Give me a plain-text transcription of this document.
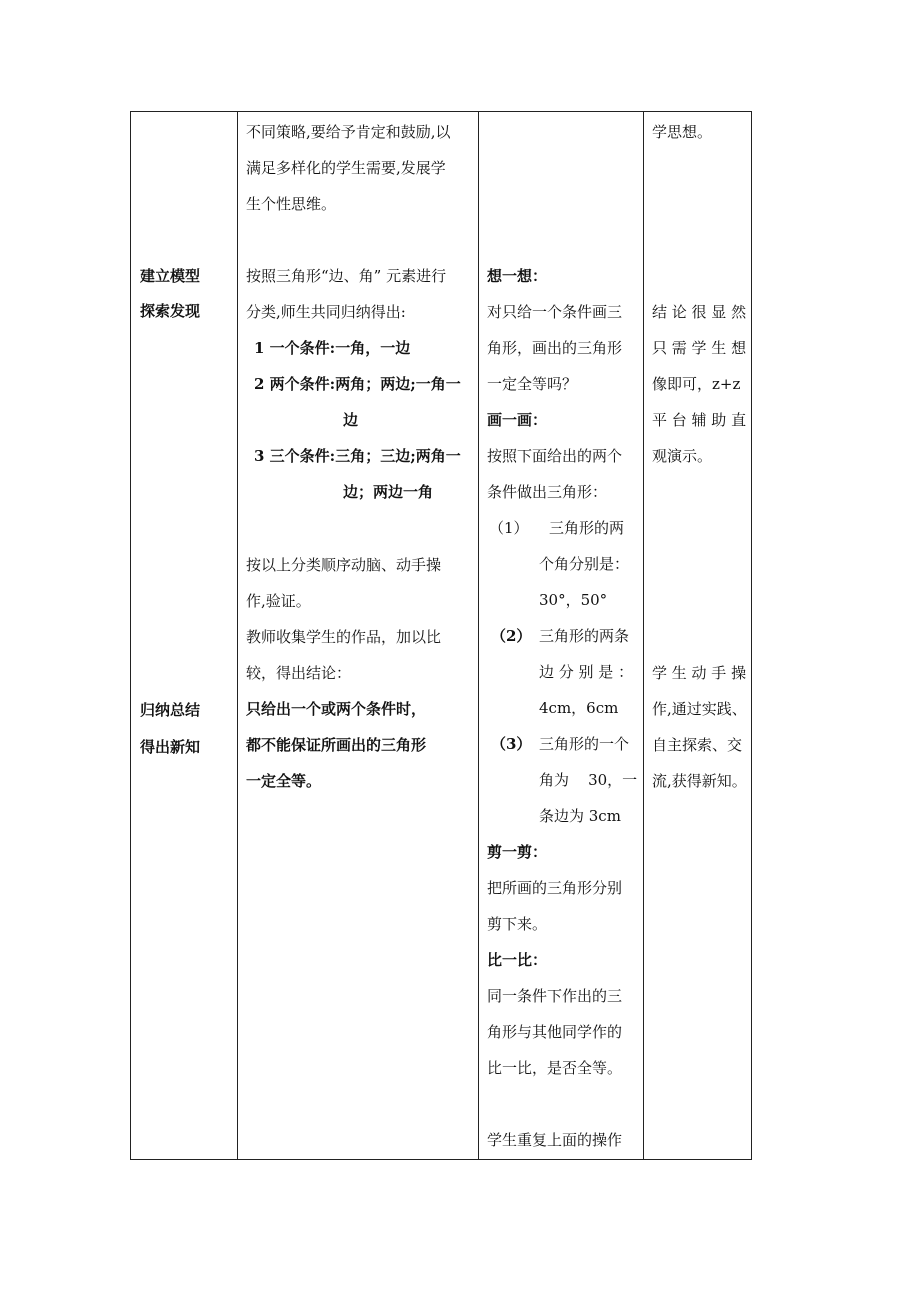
建立模型
探索发现
归纳总结
得出新知
不同策略,要给予肯定和鼓励,以
满足多样化的学生需要,发展学
生个性思维。
按照三角形“边、角” 元素进行
分类,师生共同归纳得出:
1 一个条件:一角，一边
2 两个条件:两角；两边;一角一
边
3 三个条件:三角；三边;两角一
边；两边一角
按以上分类顺序动脑、动手操
作,验证。
教师收集学生的作品，加以比
较，得出结论：
只给出一个或两个条件时，
都不能保证所画出的三角形
一定全等。
想一想：
对只给一个条件画三
角形，画出的三角形
一定全等吗？
画一画：
按照下面给出的两个
条件做出三角形：
（1） 三角形的两
个角分别是：
30°，50°
（2） 三角形的两条
边 分 别 是 ：
4cm，6cm
（3） 三角形的一个
角为    30，一
条边为 3cm
剪一剪：
把所画的三角形分别
剪下来。
比一比：
同一条件下作出的三
角形与其他同学作的
比一比，是否全等。
学生重复上面的操作
学思想。
结 论 很 显 然
只 需 学 生 想
像即可，z+z
平 台 辅 助 直
观演示。
学 生 动 手 操
作,通过实践、
自主探索、交
流,获得新知。
